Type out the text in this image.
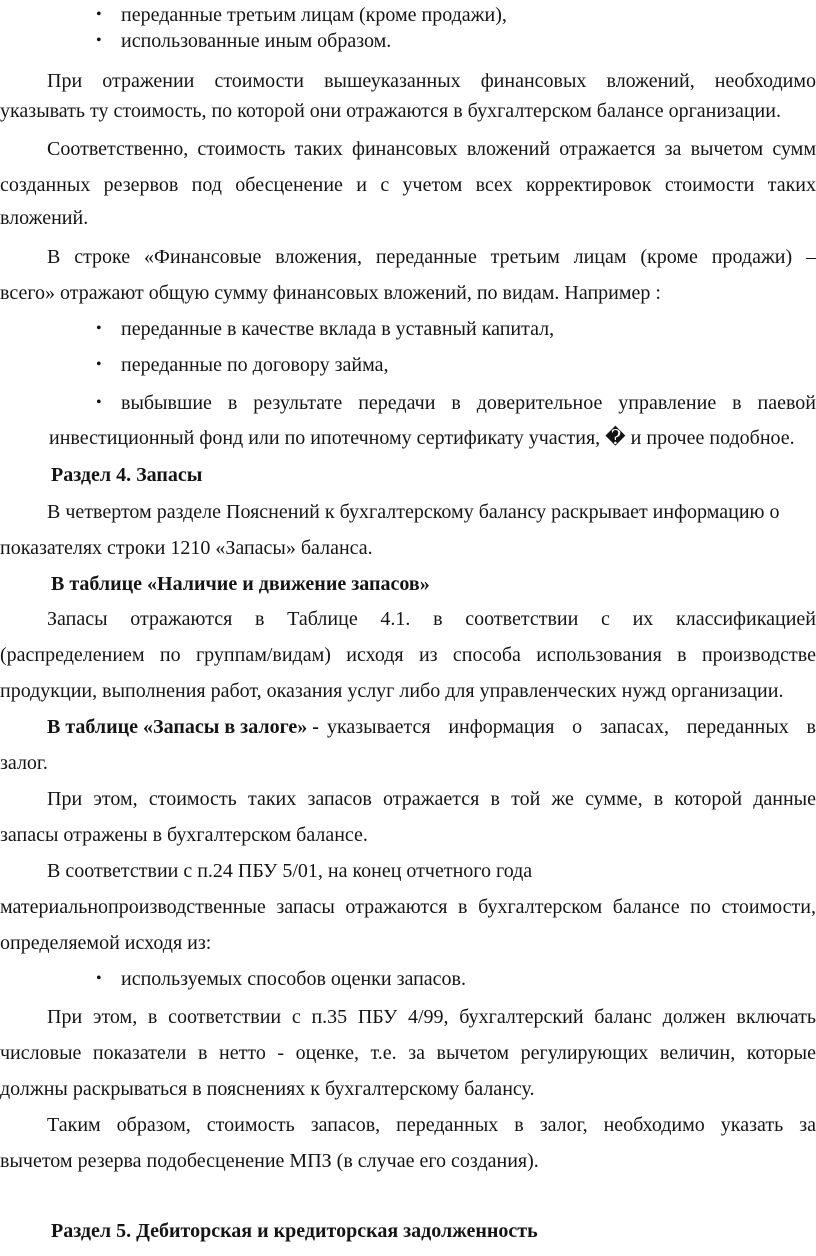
• переданные третьим лицам (кроме продажи),
• использованные иным образом.
При отражении стоимости вышеуказанных финансовых вложений, необходимо
указывать ту стоимость, по которой они отражаются в бухгалтерском балансе организации.
Соответственно, стоимость таких финансовых вложений отражается за вычетом сумм
созданных резервов под обесценение и с учетом всех корректировок стоимости таких
вложений.
В строке «Финансовые вложения, переданные третьим лицам (кроме продажи) –
всего» отражают общую сумму финансовых вложений, по видам. Например :
• переданные в качестве вклада в уставный капитал,
• переданные по договору займа,
• выбывшие в результате передачи в доверительное управление в паевой
инвестиционный фонд или по ипотечному сертификату участия, � и прочее подобное.
Раздел 4. Запасы
В четвертом разделе Пояснений к бухгалтерскому балансу раскрывает информацию о
показателях строки 1210 «Запасы» баланса.
В таблице «Наличие и движение запасов»
Запасы отражаются в Таблице 4.1. в соответствии с их классификацией
(распределением по группам/видам) исходя из способа использования в производстве
продукции, выполнения работ, оказания услуг либо для управленческих нужд организации.
В таблице «Запасы в залоге» - указывается информация о запасах, переданных в
залог.
При этом, стоимость таких запасов отражается в той же сумме, в которой данные
запасы отражены в бухгалтерском балансе.
В соответствии с п.24 ПБУ 5/01, на конец отчетного года
материальнопроизводственные запасы отражаются в бухгалтерском балансе по стоимости,
определяемой исходя из:
• используемых способов оценки запасов.
При этом, в соответствии с п.35 ПБУ 4/99, бухгалтерский баланс должен включать
числовые показатели в нетто - оценке, т.е. за вычетом регулирующих величин, которые
должны раскрываться в пояснениях к бухгалтерскому балансу.
Таким образом, стоимость запасов, переданных в залог, необходимо указать за
вычетом резерва подобесценение МПЗ (в случае его создания).
Раздел 5. Дебиторская и кредиторская задолженность
